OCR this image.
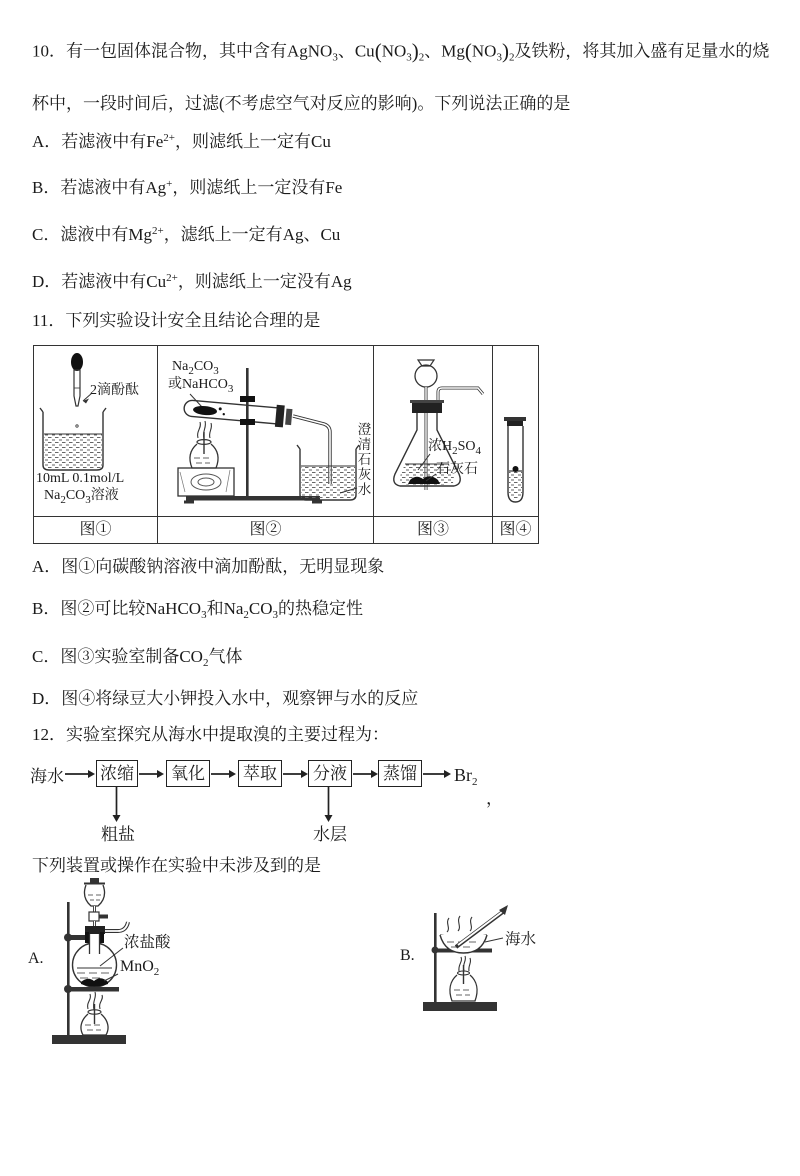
10．有一包固体混合物，其中含有AgNO$_3$、$Cu(NO_3)_2$、$Mg(NO_3)_2$及铁粉，将其加入盛有足量水的烧杯中，一段时间后，过滤(不考虑空气对反应的影响)。下列说法正确的是
A．若滤液中有$Fe^{2+}$，则滤纸上一定有Cu
B．若滤液中有Ag+，则滤纸上一定没有Fe
C．滤液中有$Mg^{2+}$，滤纸上一定有Ag、Cu
D．若滤液中有$Cu^{2+}$，则滤纸上一定没有Ag
11．下列实验设计安全且结论合理的是
2滴酚酞
10mL 0.1mol/L
$Na_2CO_3$溶液
$Na_2CO_3$
或NaHCO$_3$
澄清石灰水
浓$H_2SO_4$
石灰石
图①	图②	图③	图④
A．图①向碳酸钠溶液中滴加酚酞，无明显现象
B．图②可比较NaHCO$_3$和$Na_2CO_3$的热稳定性
C．图③实验室制备$CO_2$气体
D．图④将绿豆大小钾投入水中，观察钾与水的反应
12．实验室探究从海水中提取溴的主要过程为：
海水 浓缩 氧化 萃取 分液 蒸馏 $Br_2$
，
粗盐	水层
下列装置或操作在实验中未涉及到的是
A.
浓盐酸
MnO$_2$
B.
海水
